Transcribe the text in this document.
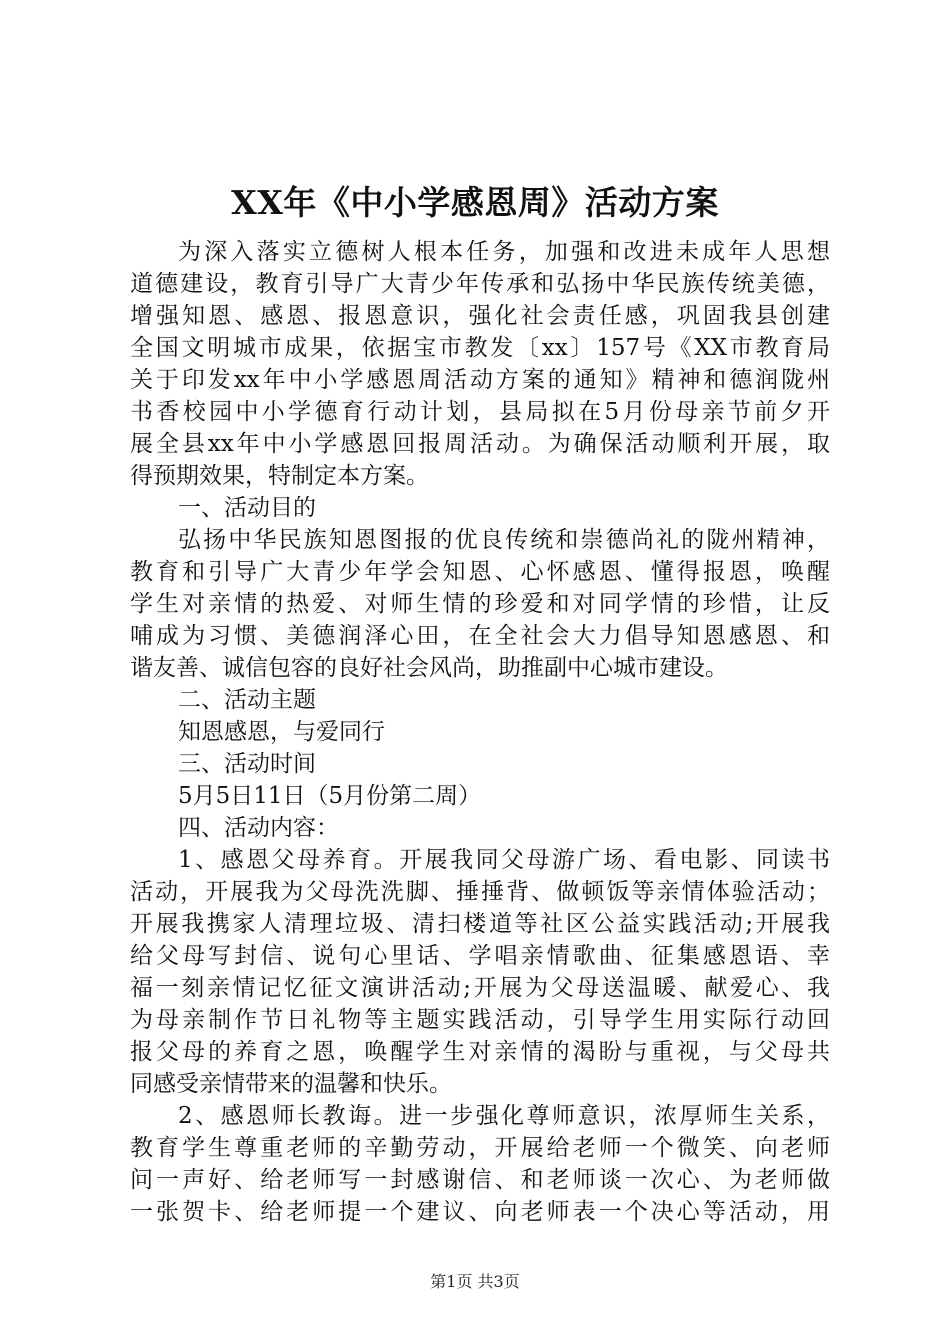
XX年《中小学感恩周》活动方案
为深入落实立德树人根本任务，加强和改进未成年人思想
道德建设，教育引导广大青少年传承和弘扬中华民族传统美德，
增强知恩、感恩、报恩意识，强化社会责任感，巩固我县创建
全国文明城市成果，依据宝市教发〔xx〕157号《XX市教育局
关于印发xx年中小学感恩周活动方案的通知》精神和德润陇州
书香校园中小学德育行动计划，县局拟在5月份母亲节前夕开
展全县xx年中小学感恩回报周活动。为确保活动顺利开展，取
得预期效果，特制定本方案。
一、活动目的
弘扬中华民族知恩图报的优良传统和崇德尚礼的陇州精神，
教育和引导广大青少年学会知恩、心怀感恩、懂得报恩，唤醒
学生对亲情的热爱、对师生情的珍爱和对同学情的珍惜，让反
哺成为习惯、美德润泽心田，在全社会大力倡导知恩感恩、和
谐友善、诚信包容的良好社会风尚，助推副中心城市建设。
二、活动主题
知恩感恩，与爱同行
三、活动时间
5月5日11日（5月份第二周）
四、活动内容：
1、感恩父母养育。开展我同父母游广场、看电影、同读书
活动，开展我为父母洗洗脚、捶捶背、做顿饭等亲情体验活动；
开展我携家人清理垃圾、清扫楼道等社区公益实践活动;开展我
给父母写封信、说句心里话、学唱亲情歌曲、征集感恩语、幸
福一刻亲情记忆征文演讲活动;开展为父母送温暖、献爱心、我
为母亲制作节日礼物等主题实践活动，引导学生用实际行动回
报父母的养育之恩，唤醒学生对亲情的渴盼与重视，与父母共
同感受亲情带来的温馨和快乐。
2、感恩师长教诲。进一步强化尊师意识，浓厚师生关系，
教育学生尊重老师的辛勤劳动，开展给老师一个微笑、向老师
问一声好、给老师写一封感谢信、和老师谈一次心、为老师做
一张贺卡、给老师提一个建议、向老师表一个决心等活动，用
第1页 共3页
